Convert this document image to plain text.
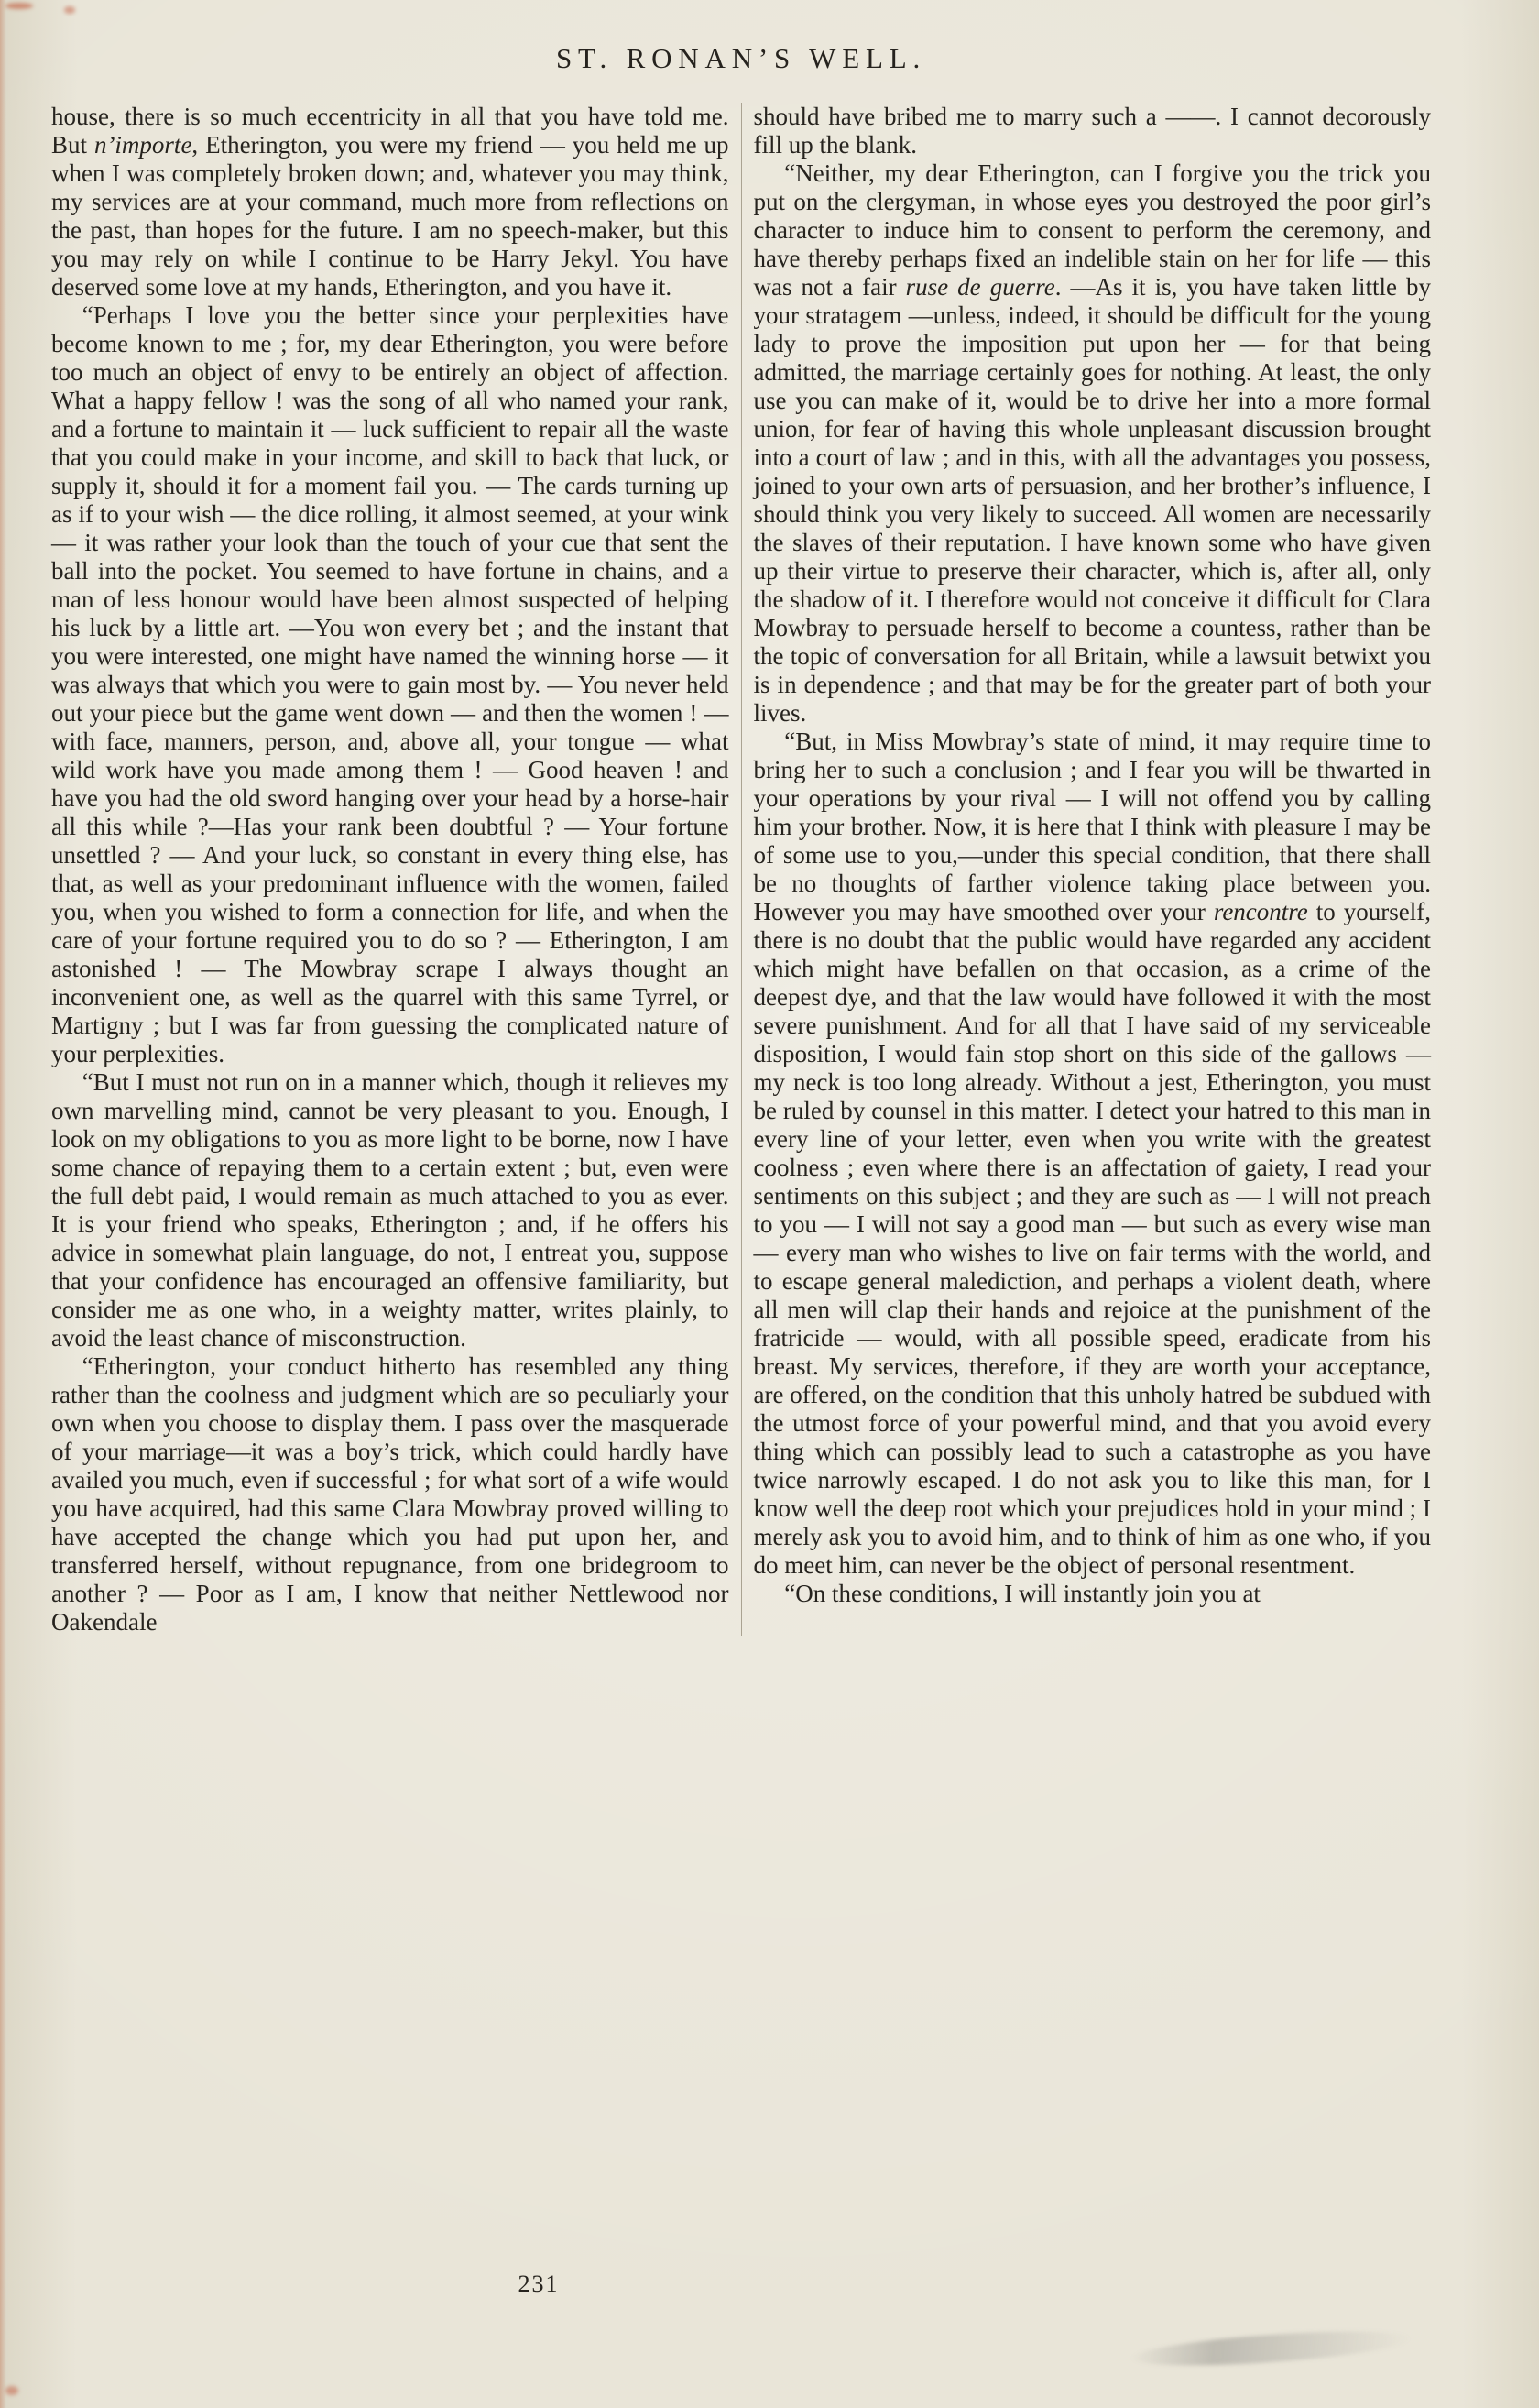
ST. RONAN’S WELL.

house, there is so much eccentricity in all that you have told me. But n’importe, Etherington, you were my friend — you held me up when I was completely broken down; and, whatever you may think, my services are at your command, much more from reflections on the past, than hopes for the future. I am no speech-maker, but this you may rely on while I continue to be Harry Jekyl. You have deserved some love at my hands, Etherington, and you have it.

“Perhaps I love you the better since your perplexities have become known to me ; for, my dear Etherington, you were before too much an object of envy to be entirely an object of affection. What a happy fellow ! was the song of all who named your rank, and a fortune to maintain it — luck sufficient to repair all the waste that you could make in your income, and skill to back that luck, or supply it, should it for a moment fail you. — The cards turning up as if to your wish — the dice rolling, it almost seemed, at your wink — it was rather your look than the touch of your cue that sent the ball into the pocket. You seemed to have fortune in chains, and a man of less honour would have been almost suspected of helping his luck by a little art. —You won every bet ; and the instant that you were interested, one might have named the winning horse — it was always that which you were to gain most by. — You never held out your piece but the game went down — and then the women ! — with face, manners, person, and, above all, your tongue — what wild work have you made among them ! — Good heaven ! and have you had the old sword hanging over your head by a horse-hair all this while ?—Has your rank been doubtful ? — Your fortune unsettled ? — And your luck, so constant in every thing else, has that, as well as your predominant influence with the women, failed you, when you wished to form a connection for life, and when the care of your fortune required you to do so ? — Etherington, I am astonished ! — The Mowbray scrape I always thought an inconvenient one, as well as the quarrel with this same Tyrrel, or Martigny ; but I was far from guessing the complicated nature of your perplexities.

“But I must not run on in a manner which, though it relieves my own marvelling mind, cannot be very pleasant to you. Enough, I look on my obligations to you as more light to be borne, now I have some chance of repaying them to a certain extent ; but, even were the full debt paid, I would remain as much attached to you as ever. It is your friend who speaks, Etherington ; and, if he offers his advice in somewhat plain language, do not, I entreat you, suppose that your confidence has encouraged an offensive familiarity, but consider me as one who, in a weighty matter, writes plainly, to avoid the least chance of misconstruction.

“Etherington, your conduct hitherto has resembled any thing rather than the coolness and judgment which are so peculiarly your own when you choose to display them. I pass over the masquerade of your marriage—it was a boy’s trick, which could hardly have availed you much, even if successful ; for what sort of a wife would you have acquired, had this same Clara Mowbray proved willing to have accepted the change which you had put upon her, and transferred herself, without repugnance, from one bridegroom to another ? — Poor as I am, I know that neither Nettlewood nor Oakendale

should have bribed me to marry such a ——. I cannot decorously fill up the blank.

“Neither, my dear Etherington, can I forgive you the trick you put on the clergyman, in whose eyes you destroyed the poor girl’s character to induce him to consent to perform the ceremony, and have thereby perhaps fixed an indelible stain on her for life — this was not a fair ruse de guerre. —As it is, you have taken little by your stratagem —unless, indeed, it should be difficult for the young lady to prove the imposition put upon her — for that being admitted, the marriage certainly goes for nothing. At least, the only use you can make of it, would be to drive her into a more formal union, for fear of having this whole unpleasant discussion brought into a court of law ; and in this, with all the advantages you possess, joined to your own arts of persuasion, and her brother’s influence, I should think you very likely to succeed. All women are necessarily the slaves of their reputation. I have known some who have given up their virtue to preserve their character, which is, after all, only the shadow of it. I therefore would not conceive it difficult for Clara Mowbray to persuade herself to become a countess, rather than be the topic of conversation for all Britain, while a lawsuit betwixt you is in dependence ; and that may be for the greater part of both your lives.

“But, in Miss Mowbray’s state of mind, it may require time to bring her to such a conclusion ; and I fear you will be thwarted in your operations by your rival — I will not offend you by calling him your brother. Now, it is here that I think with pleasure I may be of some use to you,—under this special condition, that there shall be no thoughts of farther violence taking place between you. However you may have smoothed over your rencontre to yourself, there is no doubt that the public would have regarded any accident which might have befallen on that occasion, as a crime of the deepest dye, and that the law would have followed it with the most severe punishment. And for all that I have said of my serviceable disposition, I would fain stop short on this side of the gallows — my neck is too long already. Without a jest, Etherington, you must be ruled by counsel in this matter. I detect your hatred to this man in every line of your letter, even when you write with the greatest coolness ; even where there is an affectation of gaiety, I read your sentiments on this subject ; and they are such as — I will not preach to you — I will not say a good man — but such as every wise man— every man who wishes to live on fair terms with the world, and to escape general malediction, and perhaps a violent death, where all men will clap their hands and rejoice at the punishment of the fratricide — would, with all possible speed, eradicate from his breast. My services, therefore, if they are worth your acceptance, are offered, on the condition that this unholy hatred be subdued with the utmost force of your powerful mind, and that you avoid every thing which can possibly lead to such a catastrophe as you have twice narrowly escaped. I do not ask you to like this man, for I know well the deep root which your prejudices hold in your mind ; I merely ask you to avoid him, and to think of him as one who, if you do meet him, can never be the object of personal resentment.

“On these conditions, I will instantly join you at

231
